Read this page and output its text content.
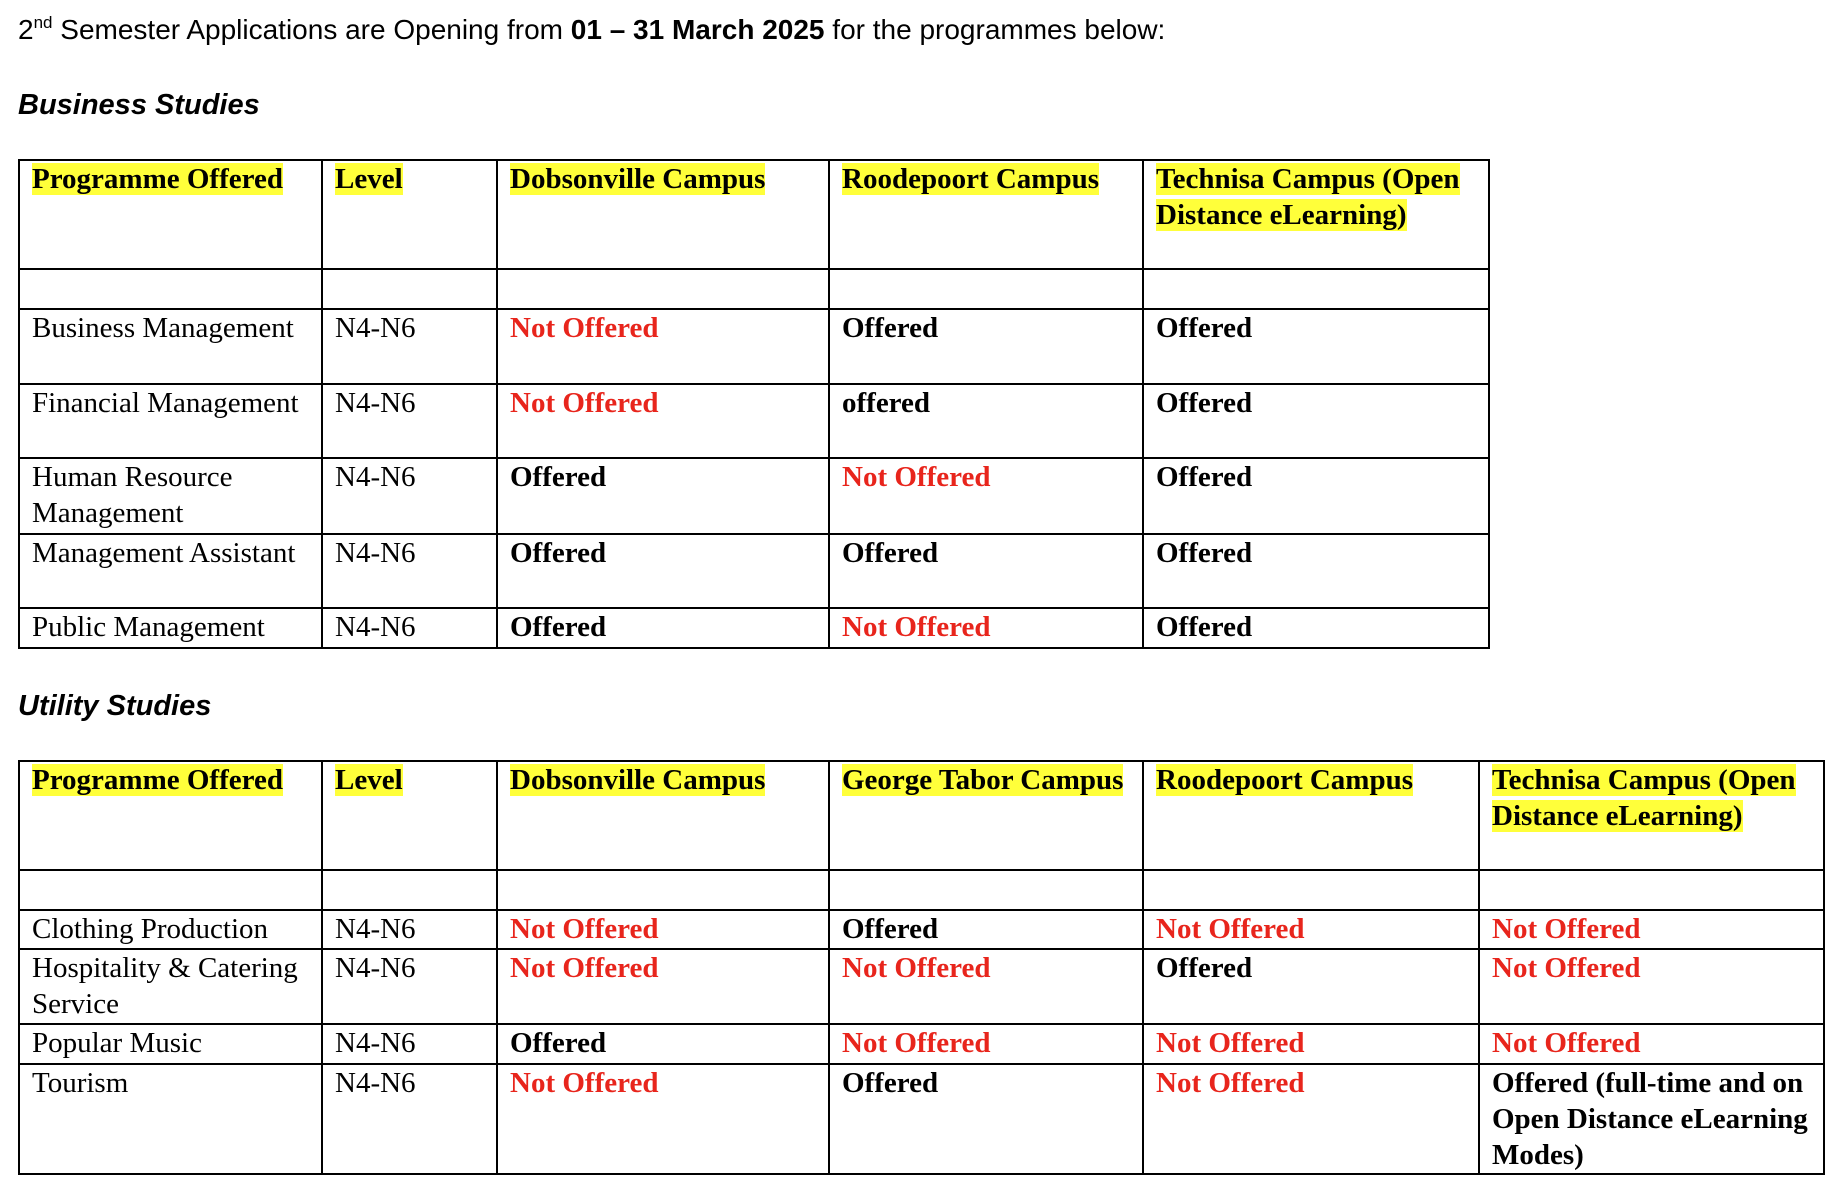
2nd Semester Applications are Opening from 01 – 31 March 2025 for the programmes below:
Business Studies
Programme Offered	Level	Dobsonville Campus	Roodepoort Campus	Technisa Campus (Open Distance eLearning)

Business Management	N4-N6	Not Offered	Offered	Offered
Financial Management	N4-N6	Not Offered	offered	Offered
Human Resource Management	N4-N6	Offered	Not Offered	Offered
Management Assistant	N4-N6	Offered	Offered	Offered
Public Management	N4-N6	Offered	Not Offered	Offered
Utility Studies
Programme Offered	Level	Dobsonville Campus	George Tabor Campus	Roodepoort Campus	Technisa Campus (Open Distance eLearning)

Clothing Production	N4-N6	Not Offered	Offered	Not Offered	Not Offered
Hospitality & Catering Service	N4-N6	Not Offered	Not Offered	Offered	Not Offered
Popular Music	N4-N6	Offered	Not Offered	Not Offered	Not Offered
Tourism	N4-N6	Not Offered	Offered	Not Offered	Offered (full-time and on Open Distance eLearning Modes)
